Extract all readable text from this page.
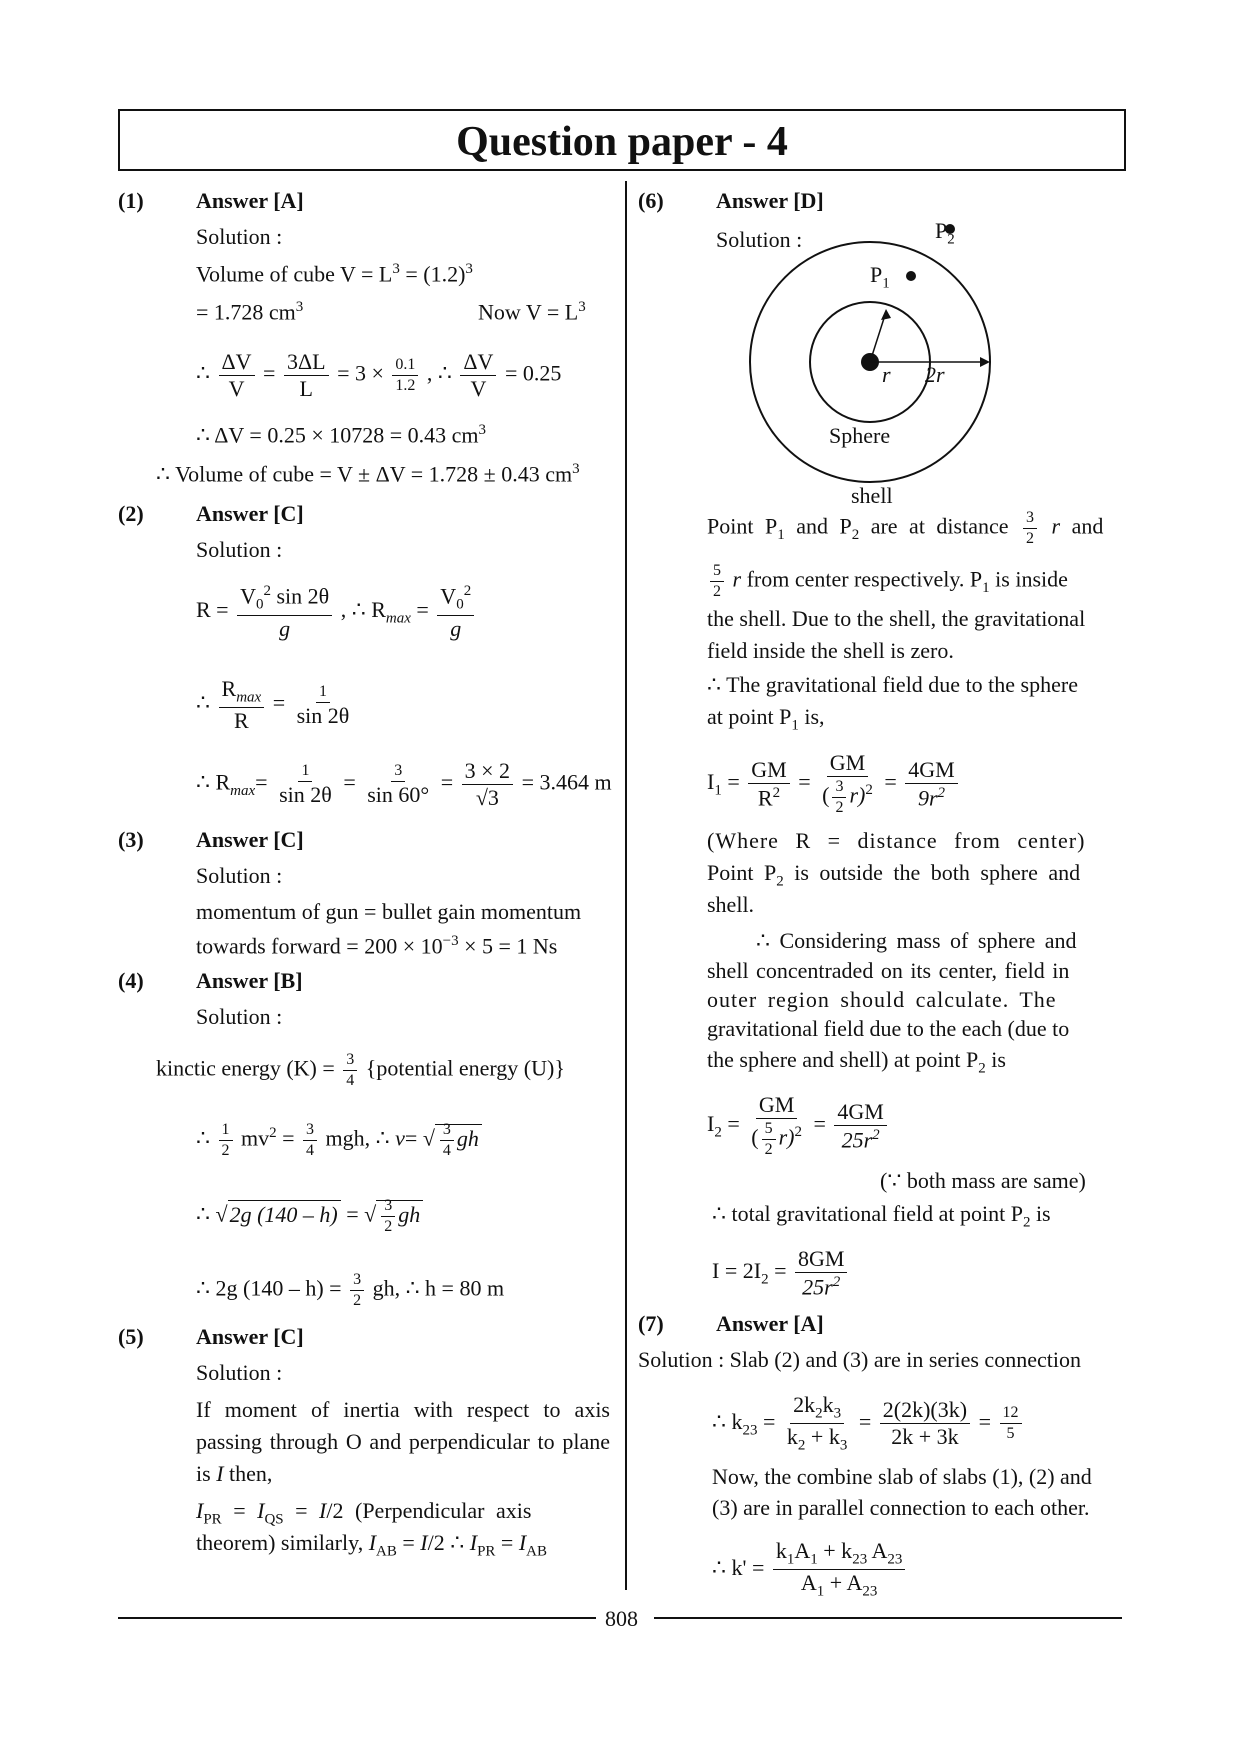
Question paper - 4
(1) Answer [A]
Solution :
Volume of cube $V = L^3 = (1.2)^3$
= 1.728 $cm^3$	Now $V = L^3$
∴ $\frac{\Delta V}{V} = \frac{3\Delta L}{L} = 3 \times \frac{0.1}{1.2}$ , ∴ $\frac{\Delta V}{V} = 0.25$
∴ ΔV = 0.25 × 10728 = 0.43 $cm^3$
∴ Volume of cube = V ± ΔV = 1.728 ± 0.43 $cm^3$
(2) Answer [C]
Solution :
$R = \frac{V_0^2 \sin 2\theta}{g}$ , ∴ $R_{max} = \frac{V_0^2}{g}$
∴ $\frac{R_{max}}{R} = \frac{1}{\sin 2\theta}$
∴ $R_{max}= \frac{1}{\sin 2\theta} = \frac{3}{\sin 60^\circ} = \frac{3 \times 2}{√3} = 3.464$ m
(3) Answer [C]
Solution :
momentum of gun = bullet gain momentum
towards forward = $200 \times 10^{-3} \times 5 = 1$ Ns
(4) Answer [B]
Solution :
kinctic energy $(K) = \frac{3}{4}$ {potential energy (U)}
∴ $\frac{1}{2} mv^2 = \frac{3}{4}$ mgh, ∴ v= √ $\frac{3}{4}$ gh
∴ √2g (140 – h) = √ $\frac{3}{2}$ gh
∴ 2g $(140 - h) = \frac{3}{2}$ gh, ∴ h = 80 m
(5) Answer [C]
Solution :
If moment of inertia with respect to axis passing through O and perpendicular to plane is I then,
$I_{PR} = I_{QS} = I/2$ (Perpendicular axis
theorem) similarly, $I_{AB} = I/2$ ∴ $I_{PR} = I_{AB}$
(6) Answer [D]
Solution :	$P_2$
$P_1$
r 2r
Sphere
shell
Point $P_1$ and $P_2$ are at distance $\frac{3}{2}$ r and
$\frac{5}{2}$ r from center respectively. $P_1$ is inside
the shell. Due to the shell, the gravitational
field inside the shell is zero.
∴ The gravitational field due to the sphere
at point $P_1$ is,
$I_1 = \frac{GM}{R^2} = \frac{GM}{( \frac{3}{2} r)^2} = \frac{4GM}{9r^2}$
(Where R = distance from center)
Point $P_2$ is outside the both sphere and
shell.
∴ Considering mass of sphere and
shell concentraded on its center, field in
outer region should calculate. The
gravitational field due to the each (due to
the sphere and shell) at point $P_2$ is
$I_2 = \frac{GM}{( \frac{5}{2} r)^2} = \frac{4GM}{25r^2}$
(∵ both mass are same)
∴ total gravitational field at point $P_2$ is
$I = 2I_2 = \frac{8GM}{25r^2}$
(7) Answer [A]
Solution : Slab (2) and (3) are in series connection
∴ $k_{23} = \frac{2k_2k_3}{k_2 + k_3} = \frac{2(2k)(3k)}{2k + 3k} = \frac{12}{5}$
Now, the combine slab of slabs (1), (2) and
(3) are in parallel connection to each other.
∴ $k' = \frac{k_1A_1 + k_{23} A_{23}}{A_1 + A_{23}}$
808
